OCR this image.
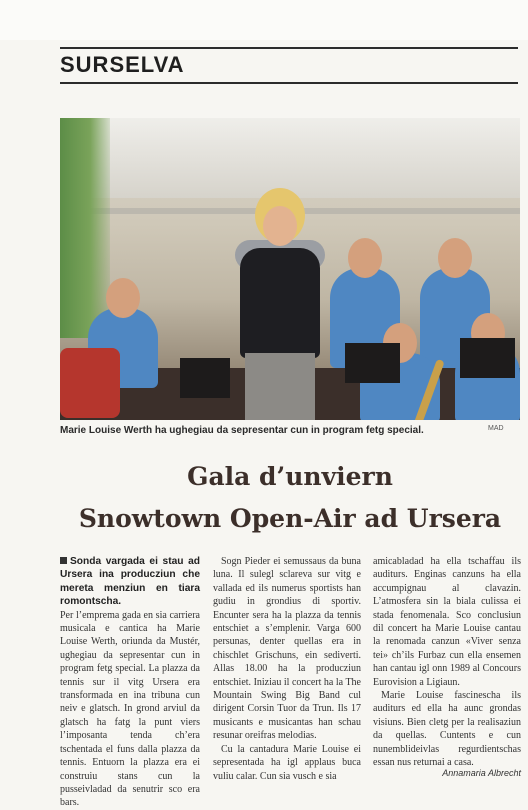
SURSELVA
Marie Louise Werth ha ughegiau da sepresentar cun in program fetg special.	MAD
Gala d’unviern
Snowtown Open-Air ad Ursera

Sonda vargada ei stau ad Ursera ina producziun che mereta menziun en tiara romontscha.

Per l’emprema gada en sia carriera musicala e cantica ha Marie Louise Werth, oriunda da Mustér, ughegiau da sepresentar cun in program fetg special. La plazza da tennis sur il vitg Ursera era transformada en ina tribuna cun neiv e glatsch. In grond arviul da glatsch ha fatg la punt viers l’imposanta tenda ch’era tschentada el funs dalla plazza da tennis. Entuorn la plazza era ei construiu stans cun la pusseivladad da senutrir sco era bars.

Sogn Pieder ei semussaus da buna luna. Il sulegl sclareva sur vitg e vallada ed ils numerus sportists han gudiu in grondius di sportiv. Encunter sera ha la plazza da tennis entschiet a s’emplenir. Varga 600 persunas, denter quellas era in chischlet Grischuns, ein sediverti. Allas 18.00 ha la producziun entschiet. Iniziau il concert ha la The Mountain Swing Big Band cul dirigent Corsin Tuor da Trun. Ils 17 musicants e musicantas han schau resunar oreifras melodias.

Cu la cantadura Marie Louise ei sepresentada ha igl applaus buca vuliu calar. Cun sia vusch e sia

amicabladad ha ella tschaffau ils auditurs. Enginas canzuns ha ella accumpignau al clavazin. L’atmosfera sin la biala culissa ei stada fenomenala. Sco conclusiun dil concert ha Marie Louise cantau la renomada canzun «Viver senza tei» ch’ils Furbaz cun ella ensemen han cantau igl onn 1989 al Concours Eurovision a Ligiaun.

Marie Louise fascinescha ils auditurs ed ella ha aunc grondas visiuns. Bien cletg per la realisaziun da quellas. Cuntents e cun nunemblideivlas regurdientschas essan nus returnai a casa.

Annamaria Albrecht
